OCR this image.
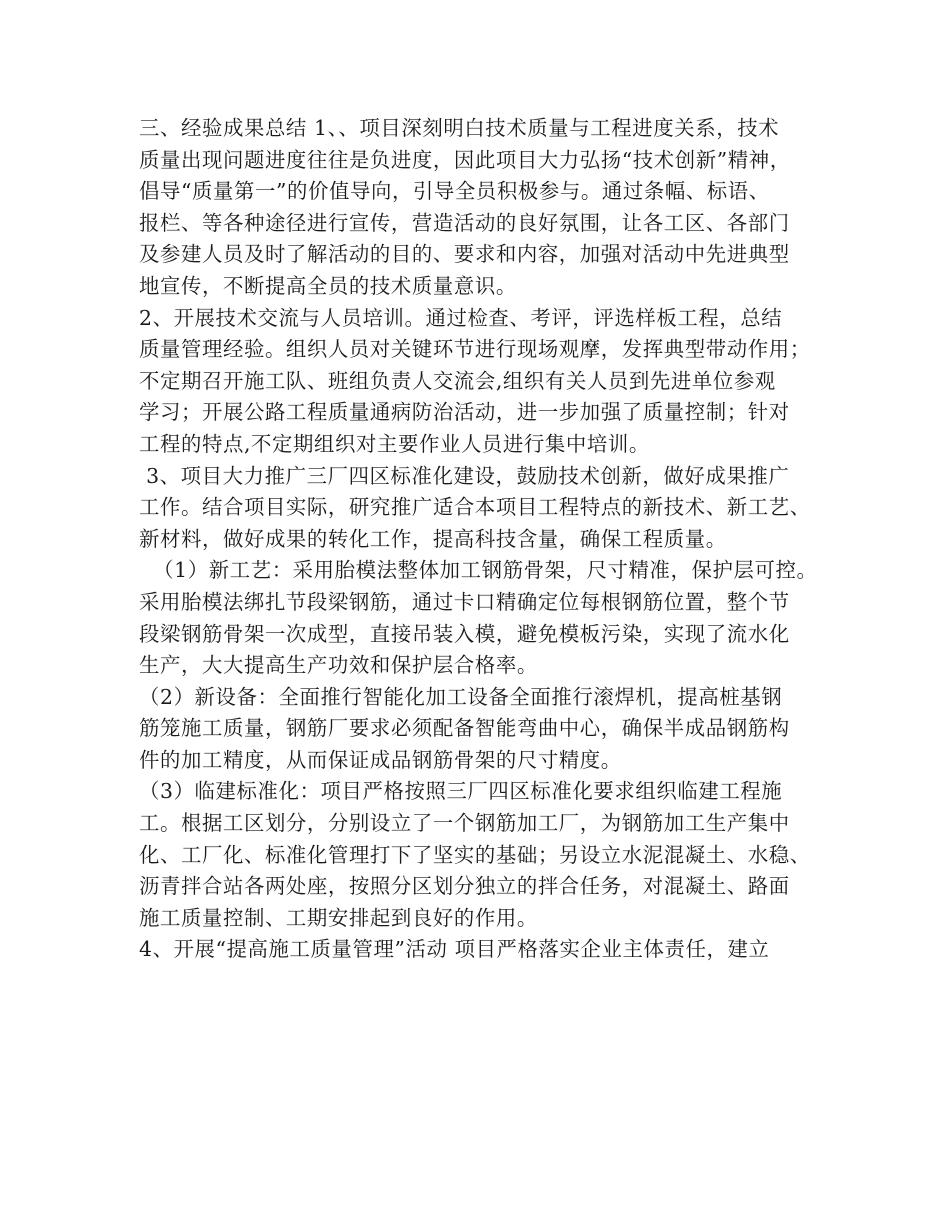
三、经验成果总结 1、、项目深刻明白技术质量与工程进度关系，技术
质量出现问题进度往往是负进度，因此项目大力弘扬“技术创新”精神，
倡导“质量第一”的价值导向，引导全员积极参与。通过条幅、标语、
报栏、等各种途径进行宣传，营造活动的良好氛围，让各工区、各部门
及参建人员及时了解活动的目的、要求和内容，加强对活动中先进典型
地宣传，不断提高全员的技术质量意识。
2、开展技术交流与人员培训。通过检查、考评，评选样板工程，总结
质量管理经验。组织人员对关键环节进行现场观摩，发挥典型带动作用；
不定期召开施工队、班组负责人交流会,组织有关人员到先进单位参观
学习；开展公路工程质量通病防治活动，进一步加强了质量控制；针对
工程的特点,不定期组织对主要作业人员进行集中培训。
3、项目大力推广三厂四区标准化建设，鼓励技术创新，做好成果推广
工作。结合项目实际，研究推广适合本项目工程特点的新技术、新工艺、
新材料，做好成果的转化工作，提高科技含量，确保工程质量。
（1）新工艺：采用胎模法整体加工钢筋骨架，尺寸精准，保护层可控。
采用胎模法绑扎节段梁钢筋，通过卡口精确定位每根钢筋位置，整个节
段梁钢筋骨架一次成型，直接吊装入模，避免模板污染，实现了流水化
生产，大大提高生产功效和保护层合格率。
（2）新设备：全面推行智能化加工设备全面推行滚焊机，提高桩基钢
筋笼施工质量，钢筋厂要求必须配备智能弯曲中心，确保半成品钢筋构
件的加工精度，从而保证成品钢筋骨架的尺寸精度。
（3）临建标准化：项目严格按照三厂四区标准化要求组织临建工程施
工。根据工区划分，分别设立了一个钢筋加工厂，为钢筋加工生产集中
化、工厂化、标准化管理打下了坚实的基础；另设立水泥混凝土、水稳、
沥青拌合站各两处座，按照分区划分独立的拌合任务，对混凝土、路面
施工质量控制、工期安排起到良好的作用。
4、开展“提高施工质量管理”活动 项目严格落实企业主体责任，建立
